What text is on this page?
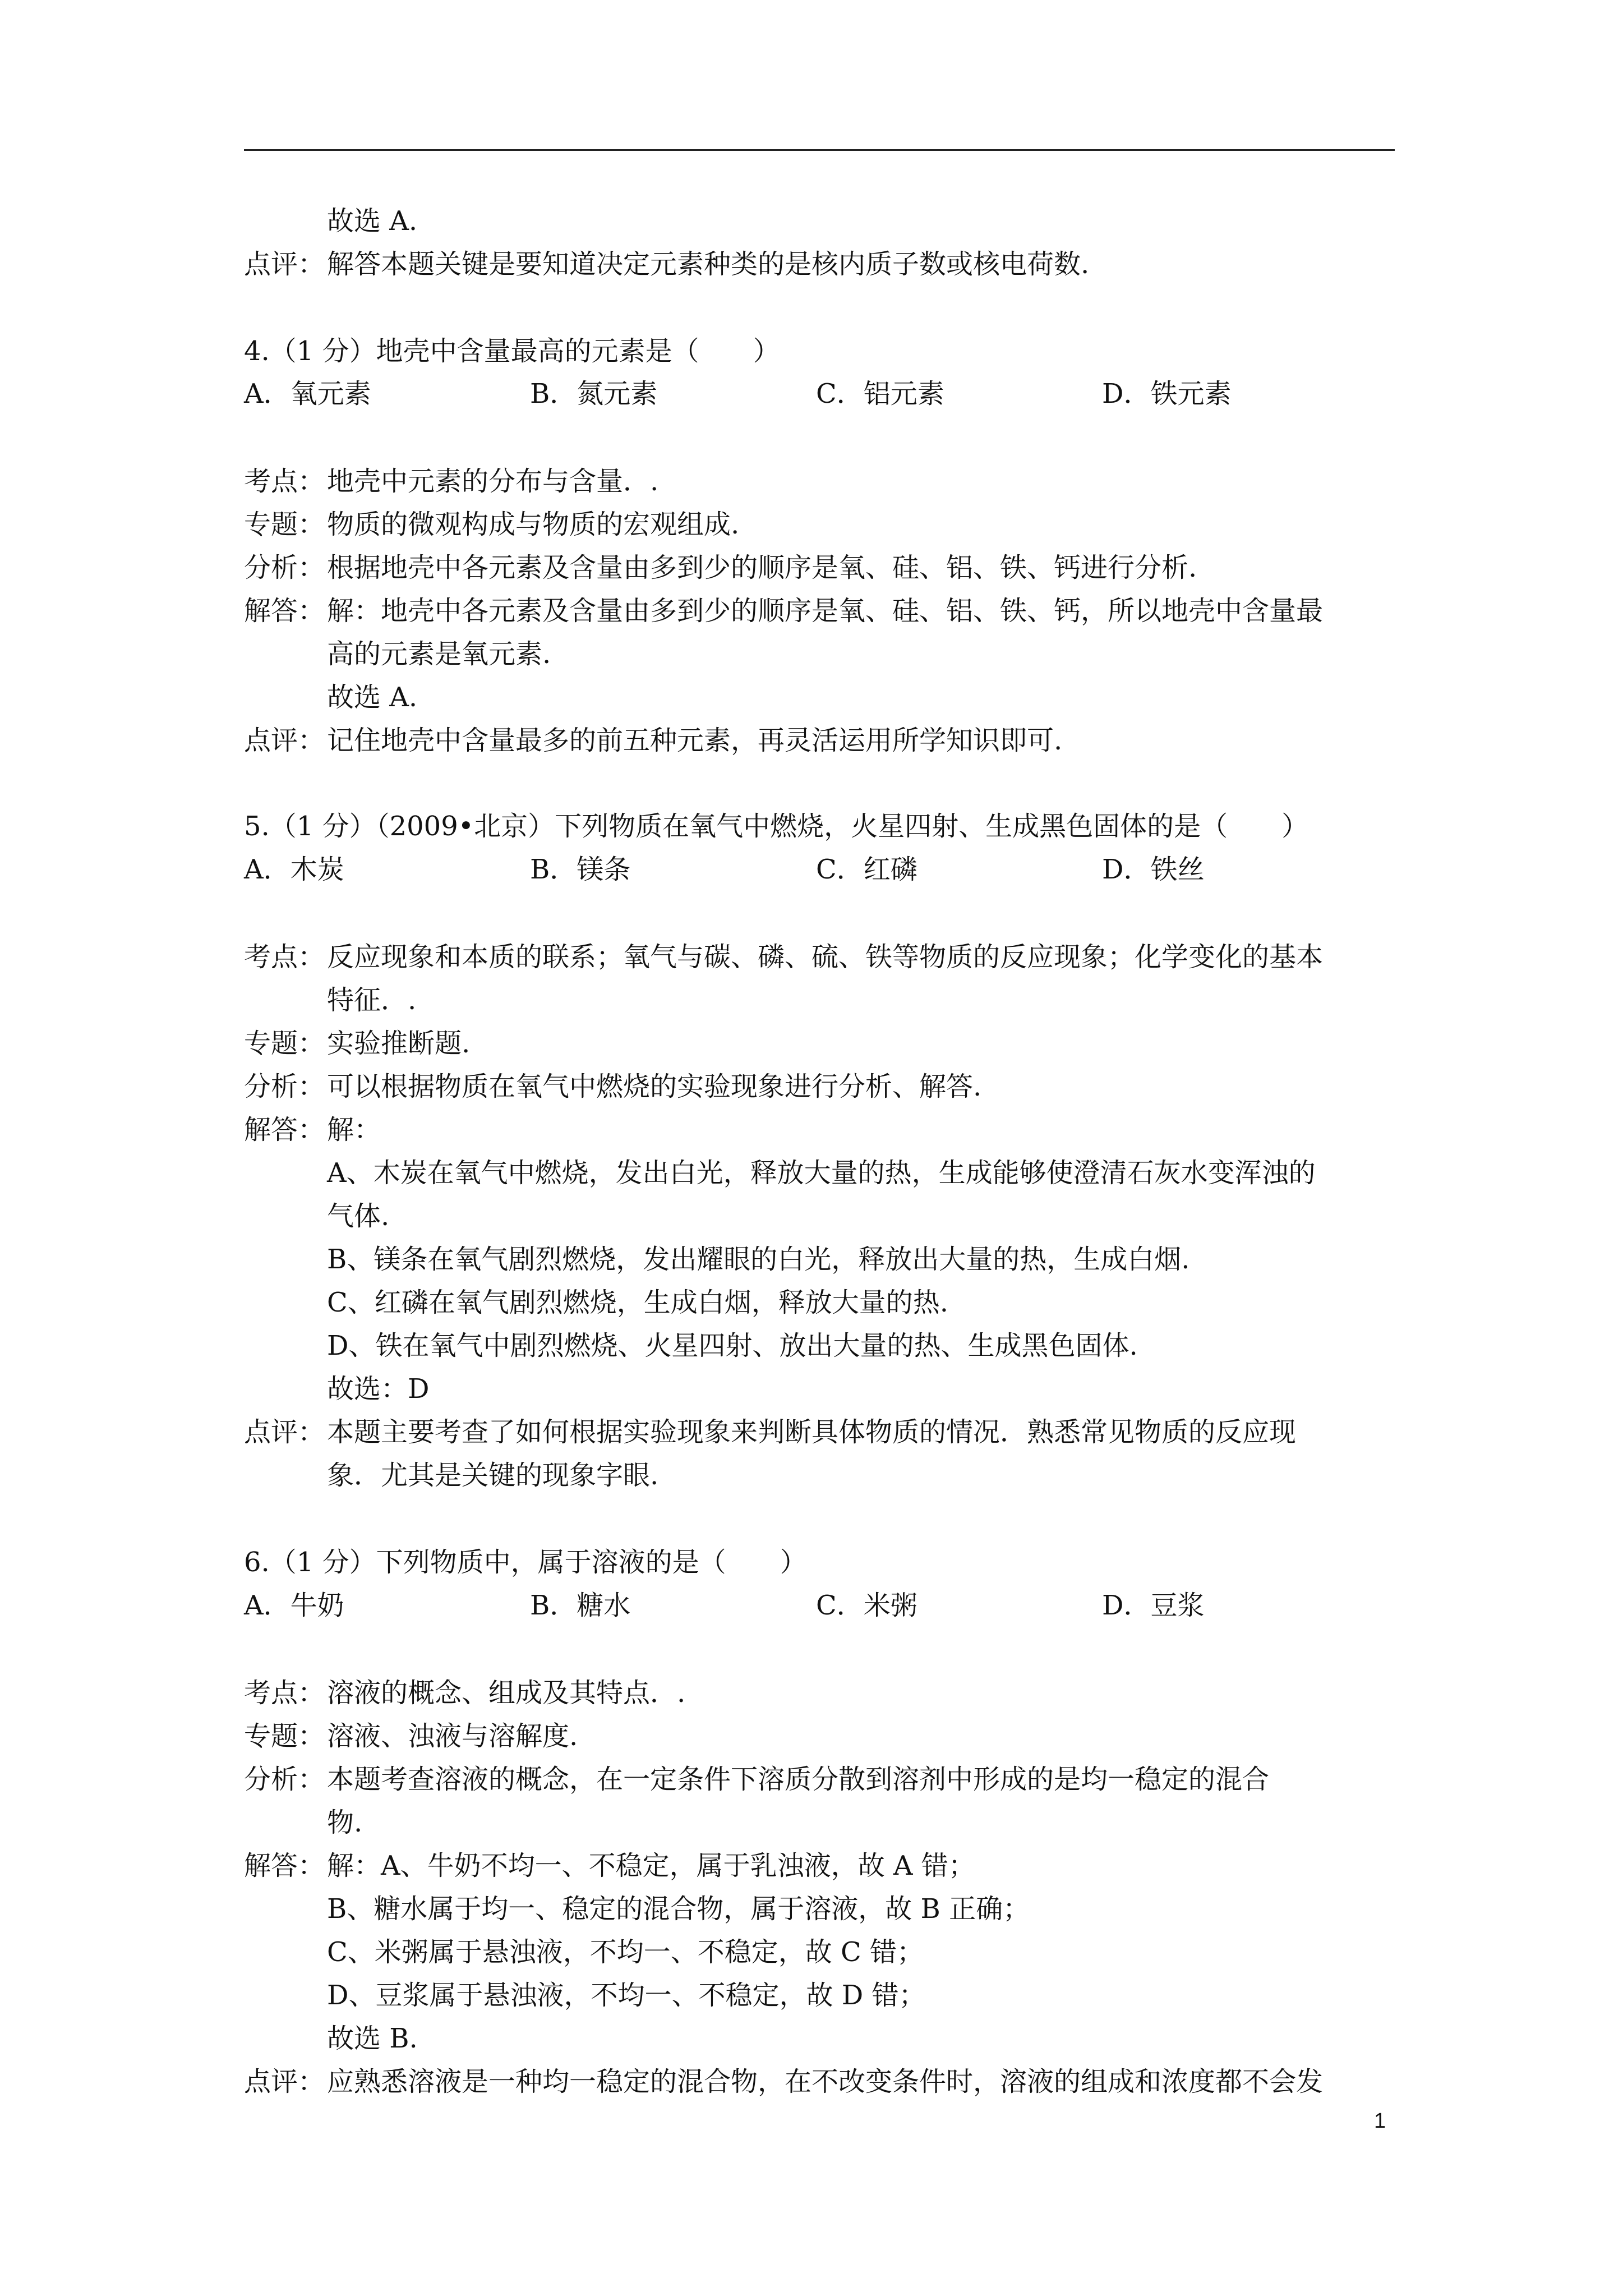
故选 A.
点评： 解答本题关键是要知道决定元素种类的是核内质子数或核电荷数.
4.（1 分）地壳中含量最高的元素是（　　）
A．氧元素	B．氮元素	C．铝元素	D．铁元素
考点： 地壳中元素的分布与含量．.
专题： 物质的微观构成与物质的宏观组成.
分析： 根据地壳中各元素及含量由多到少的顺序是氧、硅、铝、铁、钙进行分析.
解答： 解：地壳中各元素及含量由多到少的顺序是氧、硅、铝、铁、钙，所以地壳中含量最
高的元素是氧元素.
故选 A.
点评： 记住地壳中含量最多的前五种元素，再灵活运用所学知识即可.
5.（1 分）（2009•北京）下列物质在氧气中燃烧，火星四射、生成黑色固体的是（　　）
A．木炭	B．镁条	C．红磷	D．铁丝
考点： 反应现象和本质的联系；氧气与碳、磷、硫、铁等物质的反应现象；化学变化的基本
特征．.
专题： 实验推断题.
分析： 可以根据物质在氧气中燃烧的实验现象进行分析、解答.
解答： 解：
A、木炭在氧气中燃烧，发出白光，释放大量的热，生成能够使澄清石灰水变浑浊的
气体.
B、镁条在氧气剧烈燃烧，发出耀眼的白光，释放出大量的热，生成白烟.
C、红磷在氧气剧烈燃烧，生成白烟，释放大量的热.
D、铁在氧气中剧烈燃烧、火星四射、放出大量的热、生成黑色固体.
故选：D
点评： 本题主要考查了如何根据实验现象来判断具体物质的情况．熟悉常见物质的反应现
象．尤其是关键的现象字眼.
6.（1 分）下列物质中，属于溶液的是（　　）
A．牛奶	B．糖水	C．米粥	D．豆浆
考点： 溶液的概念、组成及其特点．.
专题： 溶液、浊液与溶解度.
分析： 本题考查溶液的概念，在一定条件下溶质分散到溶剂中形成的是均一稳定的混合
物.
解答： 解：A、牛奶不均一、不稳定，属于乳浊液，故 A 错；
B、糖水属于均一、稳定的混合物，属于溶液，故 B 正确；
C、米粥属于悬浊液，不均一、不稳定，故 C 错；
D、豆浆属于悬浊液，不均一、不稳定，故 D 错；
故选 B.
点评： 应熟悉溶液是一种均一稳定的混合物，在不改变条件时，溶液的组成和浓度都不会发
1
